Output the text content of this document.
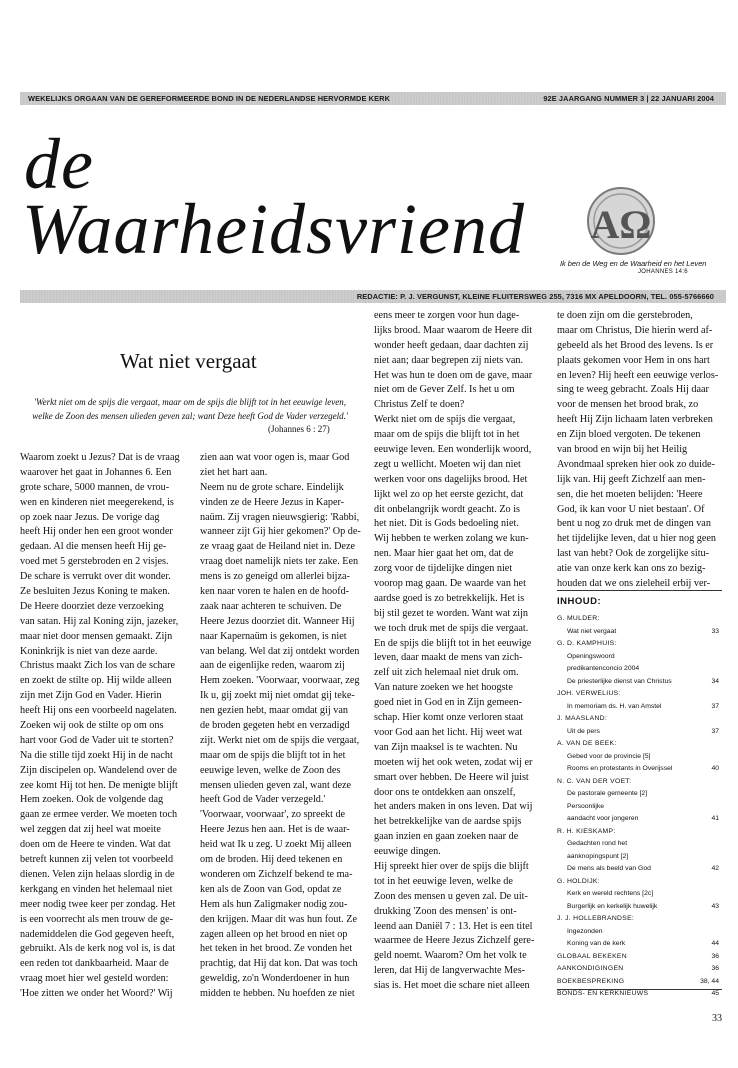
WEKELIJKS ORGAAN VAN DE GEREFORMEERDE BOND IN DE NEDERLANDSE HERVORMDE KERK	92E JAARGANG NUMMER 3 | 22 JANUARI 2004
de
Waarheidsvriend AΩ
Ik ben de Weg en de Waarheid en het Leven
JOHANNES 14:6
REDACTIE: P. J. VERGUNST, KLEINE FLUITERSWEG 255, 7316 MX APELDOORN, TEL. 055-5766660
Wat niet vergaat
'Werkt niet om de spijs die vergaat, maar om de spijs die blijft tot in het eeuwige leven,
welke de Zoon des mensen ulieden geven zal; want Deze heeft God de Vader verzegeld.'
(Johannes 6 : 27)
Waarom zoekt u Jezus? Dat is de vraag
waarover het gaat in Johannes 6. Een
grote schare, 5000 mannen, de vrou-
wen en kinderen niet meegerekend, is
op zoek naar Jezus. De vorige dag
heeft Hij onder hen een groot wonder
gedaan. Al die mensen heeft Hij ge-
voed met 5 gerstebroden en 2 visjes.
De schare is verrukt over dit wonder.
Ze besluiten Jezus Koning te maken.
De Heere doorziet deze verzoeking
van satan. Hij zal Koning zijn, jazeker,
maar niet door mensen gemaakt. Zijn
Koninkrijk is niet van deze aarde.
Christus maakt Zich los van de schare
en zoekt de stilte op. Hij wilde alleen
zijn met Zijn God en Vader. Hierin
heeft Hij ons een voorbeeld nagelaten.
Zoeken wij ook de stilte op om ons
hart voor God de Vader uit te storten?
Na die stille tijd zoekt Hij in de nacht
Zijn discipelen op. Wandelend over de
zee komt Hij tot hen. De menigte blijft
Hem zoeken. Ook de volgende dag
gaan ze ermee verder. We moeten toch
wel zeggen dat zij heel wat moeite
doen om de Heere te vinden. Wat dat
betreft kunnen zij velen tot voorbeeld
dienen. Velen zijn helaas slordig in de
kerkgang en vinden het helemaal niet
meer nodig twee keer per zondag. Het
is een voorrecht als men trouw de ge-
nademiddelen die God gegeven heeft,
gebruikt. Als de kerk nog vol is, is dat
een reden tot dankbaarheid. Maar de
vraag moet hier wel gesteld worden:
'Hoe zitten we onder het Woord?' Wij
zien aan wat voor ogen is, maar God
ziet het hart aan.
Neem nu de grote schare. Eindelijk
vinden ze de Heere Jezus in Kaper-
naüm. Zij vragen nieuwsgierig: 'Rabbi,
wanneer zijt Gij hier gekomen?' Op de-
ze vraag gaat de Heiland niet in. Deze
vraag doet namelijk niets ter zake. Een
mens is zo geneigd om allerlei bijza-
ken naar voren te halen en de hoofd-
zaak naar achteren te schuiven. De
Heere Jezus doorziet dit. Wanneer Hij
naar Kapernaüm is gekomen, is niet
van belang. Wel dat zij ontdekt worden
aan de eigenlijke reden, waarom zij
Hem zoeken. 'Voorwaar, voorwaar, zeg
Ik u, gij zoekt mij niet omdat gij teke-
nen gezien hebt, maar omdat gij van
de broden gegeten hebt en verzadigd
zijt. Werkt niet om de spijs die vergaat,
maar om de spijs die blijft tot in het
eeuwige leven, welke de Zoon des
mensen ulieden geven zal, want deze
heeft God de Vader verzegeld.'
'Voorwaar, voorwaar', zo spreekt de
Heere Jezus hen aan. Het is de waar-
heid wat Ik u zeg. U zoekt Mij alleen
om de broden. Hij deed tekenen en
wonderen om Zichzelf bekend te ma-
ken als de Zoon van God, opdat ze
Hem als hun Zaligmaker nodig zou-
den krijgen. Maar dit was hun fout. Ze
zagen alleen op het brood en niet op
het teken in het brood. Ze vonden het
prachtig, dat Hij dat kon. Dat was toch
geweldig, zo'n Wonderdoener in hun
midden te hebben. Nu hoefden ze niet
eens meer te zorgen voor hun dage-
lijks brood. Maar waarom de Heere dit
wonder heeft gedaan, daar dachten zij
niet aan; daar begrepen zij niets van.
Het was hun te doen om de gave, maar
niet om de Gever Zelf. Is het u om
Christus Zelf te doen?
Werkt niet om de spijs die vergaat,
maar om de spijs die blijft tot in het
eeuwige leven. Een wonderlijk woord,
zegt u wellicht. Moeten wij dan niet
werken voor ons dagelijks brood. Het
lijkt wel zo op het eerste gezicht, dat
dit onbelangrijk wordt geacht. Zo is
het niet. Dit is Gods bedoeling niet.
Wij hebben te werken zolang we kun-
nen. Maar hier gaat het om, dat de
zorg voor de tijdelijke dingen niet
voorop mag gaan. De waarde van het
aardse goed is zo betrekkelijk. Het is
bij stil gezet te worden. Want wat zijn
we toch druk met de spijs die vergaat.
En de spijs die blijft tot in het eeuwige
leven, daar maakt de mens van zich-
zelf uit zich helemaal niet druk om.
Van nature zoeken we het hoogste
goed niet in God en in Zijn gemeen-
schap. Hier komt onze verloren staat
voor God aan het licht. Hij weet wat
van Zijn maaksel is te wachten. Nu
moeten wij het ook weten, zodat wij er
smart over hebben. De Heere wil juist
door ons te ontdekken aan onszelf,
het anders maken in ons leven. Dat wij
het betrekkelijke van de aardse spijs
gaan inzien en gaan zoeken naar de
eeuwige dingen.
Hij spreekt hier over de spijs die blijft
tot in het eeuwige leven, welke de
Zoon des mensen u geven zal. De uit-
drukking 'Zoon des mensen' is ont-
leend aan Daniël 7 : 13. Het is een titel
waarmee de Heere Jezus Zichzelf gere-
geld noemt. Waarom? Om het volk te
leren, dat Hij de langverwachte Mes-
sias is. Het moet die schare niet alleen
te doen zijn om die gerstebroden,
maar om Christus, Die hierin werd af-
gebeeld als het Brood des levens. Is er
plaats gekomen voor Hem in ons hart
en leven? Hij heeft een eeuwige verlos-
sing te weeg gebracht. Zoals Hij daar
voor de mensen het brood brak, zo
heeft Hij Zijn lichaam laten verbreken
en Zijn bloed vergoten. De tekenen
van brood en wijn bij het Heilig
Avondmaal spreken hier ook zo duide-
lijk van. Hij geeft Zichzelf aan men-
sen, die het moeten belijden: 'Heere
God, ik kan voor U niet bestaan'. Of
bent u nog zo druk met de dingen van
het tijdelijke leven, dat u hier nog geen
last van hebt? Ook de zorgelijke situ-
atie van onze kerk kan ons zo bezig-
houden dat we ons zieleheil erbij ver-
INHOUD:
G. MULDER:
Wat niet vergaat	33
G. D. KAMPHUIS:
Openingswoord
predikantenconcio 2004
De priesterlijke dienst van Christus	34
JOH. VERWELIUS:
In memoriam ds. H. van Amstel	37
J. MAASLAND:
Uit de pers	37
A. VAN DE BEEK:
Gebed voor de provincie [5]
Rooms en protestants in Overijssel	40
N. C. VAN DER VOET:
De pastorale gemeente [2]
Persoonlijke
aandacht voor jongeren	41
R. H. KIESKAMP:
Gedachten rond het
aanknopingspunt [2]
De mens als beeld van God	42
G. HOLDIJK:
Kerk en wereld rechtens [2c]
Burgerlijk en kerkelijk huwelijk	43
J. J. HOLLEBRANDSE:
Ingezonden
Koning van de kerk	44
GLOBAAL BEKEKEN	36
AANKONDIGINGEN	36
BOEKBESPREKING	38, 44
BONDS- EN KERKNIEUWS	45
33
